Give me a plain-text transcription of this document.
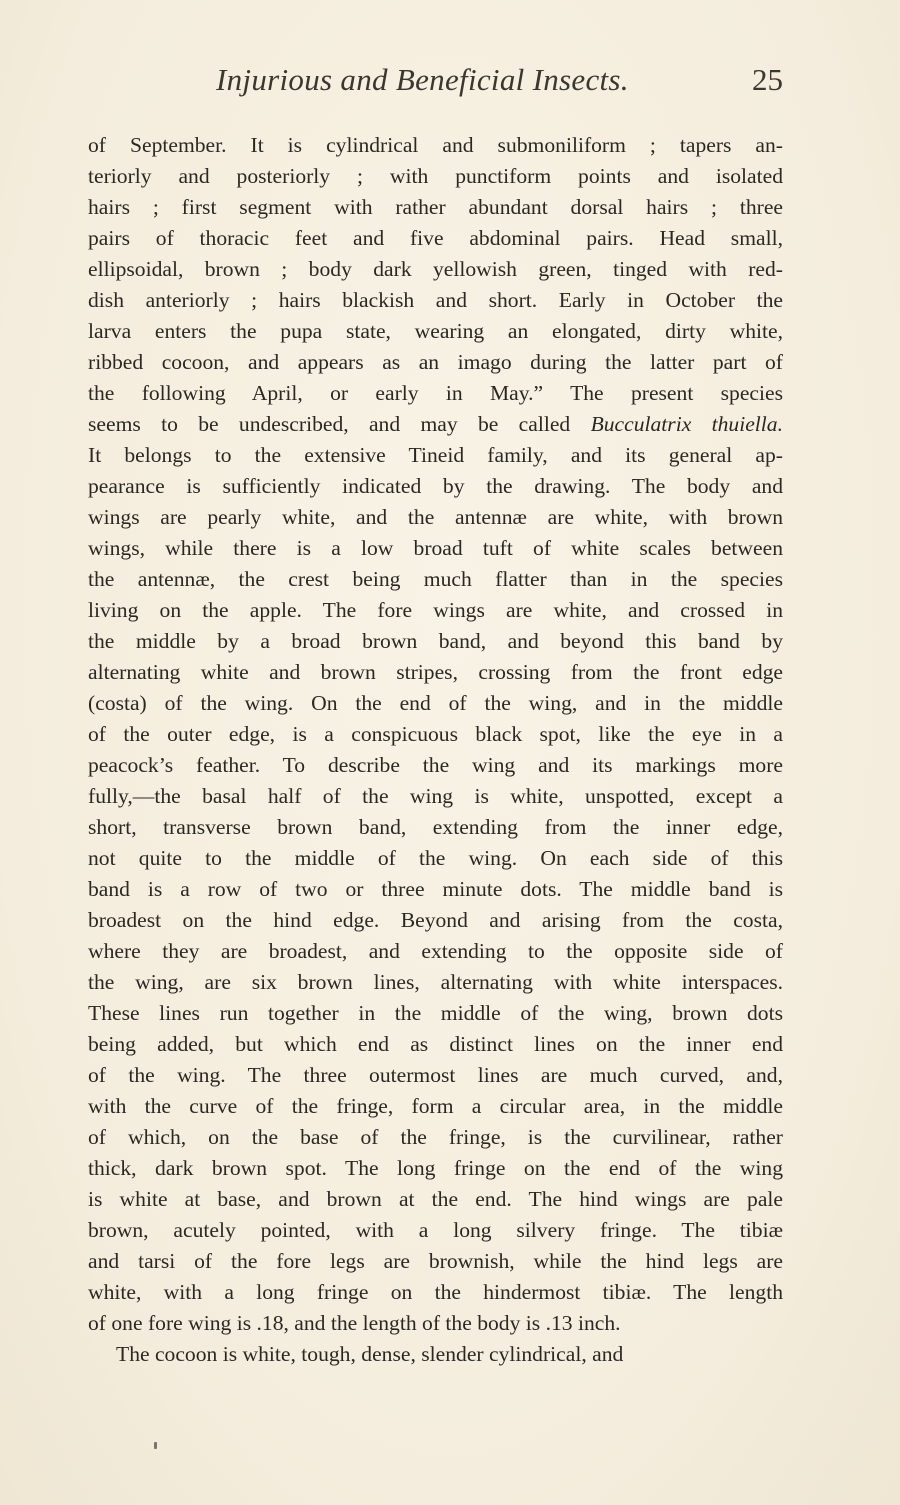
Injurious and Beneficial Insects.	25
of September. It is cylindrical and submoniliform ; tapers an-
teriorly and posteriorly ; with punctiform points and isolated
hairs ; first segment with rather abundant dorsal hairs ; three
pairs of thoracic feet and five abdominal pairs. Head small,
ellipsoidal, brown ; body dark yellowish green, tinged with red-
dish anteriorly ; hairs blackish and short. Early in October the
larva enters the pupa state, wearing an elongated, dirty white,
ribbed cocoon, and appears as an imago during the latter part of
the following April, or early in May.” The present species
seems to be undescribed, and may be called Bucculatrix thuiella.
It belongs to the extensive Tineid family, and its general ap-
pearance is sufficiently indicated by the drawing. The body and
wings are pearly white, and the antennæ are white, with brown
wings, while there is a low broad tuft of white scales between
the antennæ, the crest being much flatter than in the species
living on the apple. The fore wings are white, and crossed in
the middle by a broad brown band, and beyond this band by
alternating white and brown stripes, crossing from the front edge
(costa) of the wing. On the end of the wing, and in the middle
of the outer edge, is a conspicuous black spot, like the eye in a
peacock’s feather. To describe the wing and its markings more
fully,—the basal half of the wing is white, unspotted, except a
short, transverse brown band, extending from the inner edge,
not quite to the middle of the wing. On each side of this
band is a row of two or three minute dots. The middle band is
broadest on the hind edge. Beyond and arising from the costa,
where they are broadest, and extending to the opposite side of
the wing, are six brown lines, alternating with white interspaces.
These lines run together in the middle of the wing, brown dots
being added, but which end as distinct lines on the inner end
of the wing. The three outermost lines are much curved, and,
with the curve of the fringe, form a circular area, in the middle
of which, on the base of the fringe, is the curvilinear, rather
thick, dark brown spot. The long fringe on the end of the wing
is white at base, and brown at the end. The hind wings are pale
brown, acutely pointed, with a long silvery fringe. The tibiæ
and tarsi of the fore legs are brownish, while the hind legs are
white, with a long fringe on the hindermost tibiæ. The length
of one fore wing is .18, and the length of the body is .13 inch.
The cocoon is white, tough, dense, slender cylindrical, and
